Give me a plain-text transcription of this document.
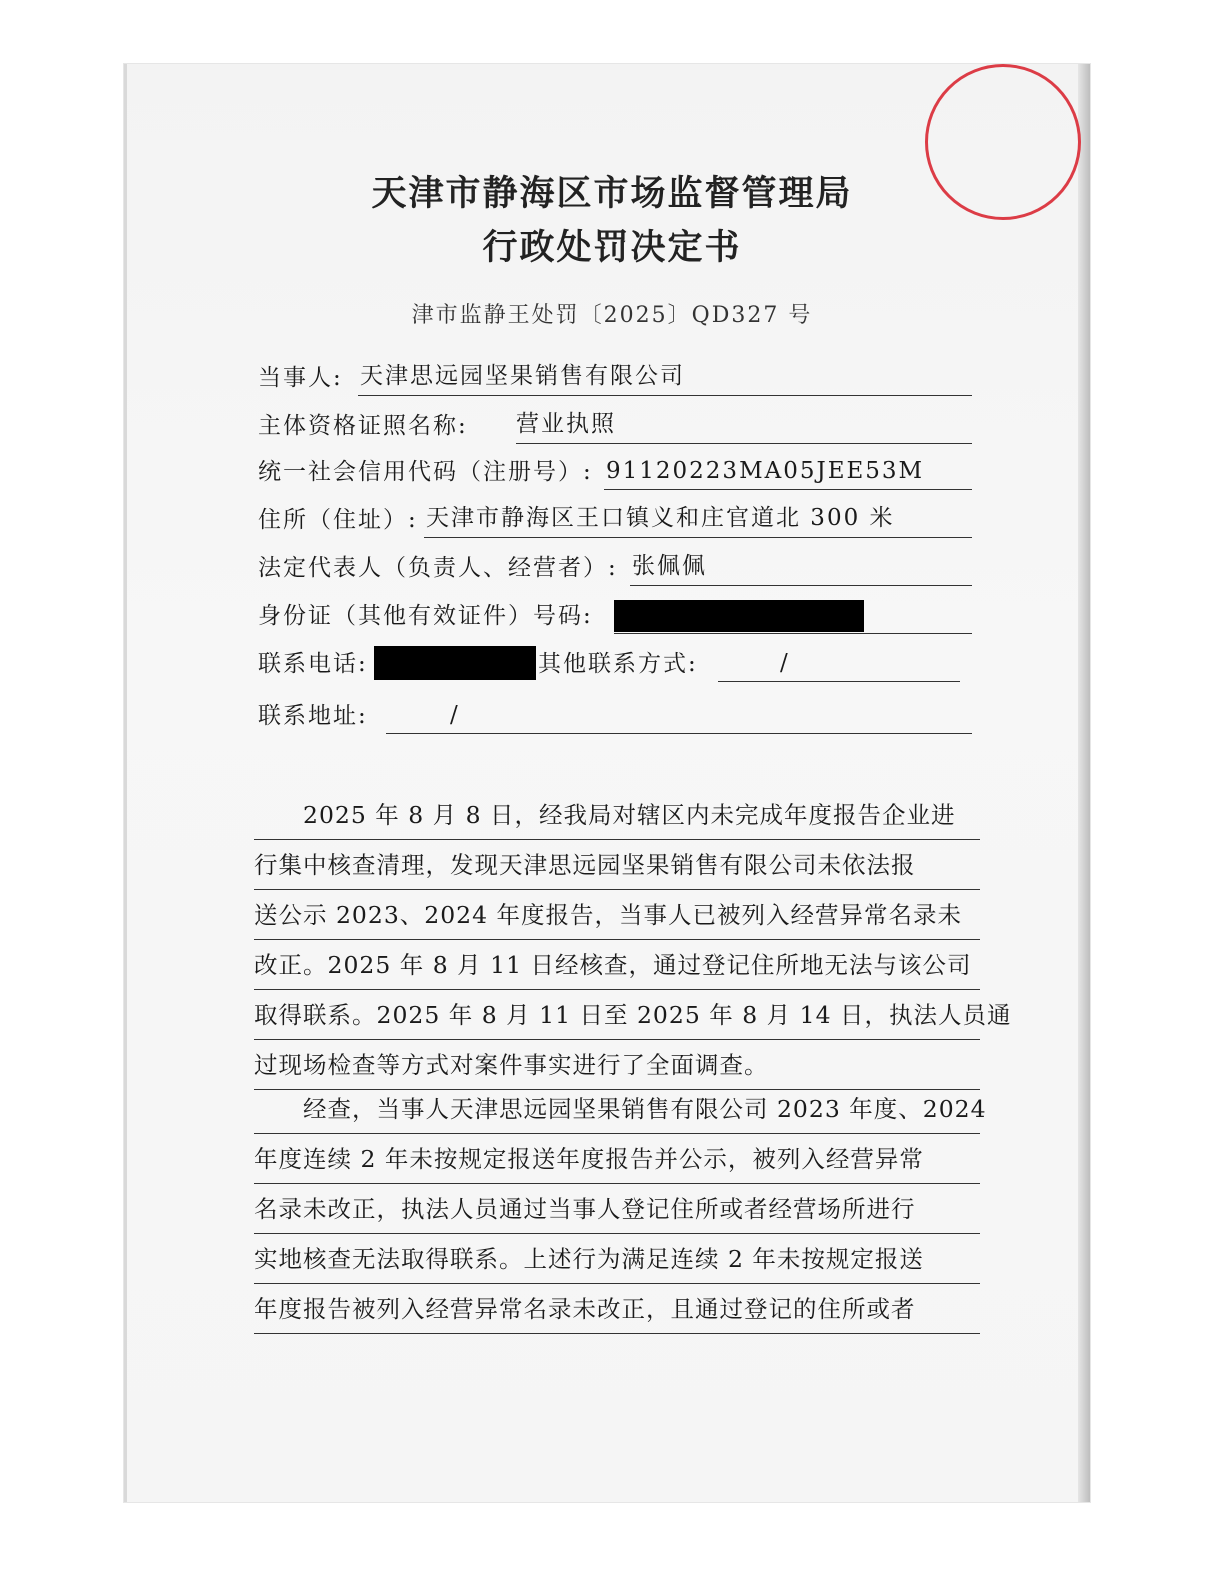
天津市静海区市场监督管理局
行政处罚决定书
津市监静王处罚〔2025〕QD327 号
当事人: 天津思远园坚果销售有限公司
主体资格证照名称: 营业执照
统一社会信用代码（注册号）: 91120223MA05JEE53M
住所（住址）: 天津市静海区王口镇义和庄官道北 300 米
法定代表人（负责人、经营者）: 张佩佩
身份证（其他有效证件）号码:
联系电话:	其他联系方式:	/
联系地址:	/
　　2025 年 8 月 8 日，经我局对辖区内未完成年度报告企业进
行集中核查清理，发现天津思远园坚果销售有限公司未依法报
送公示 2023、2024 年度报告，当事人已被列入经营异常名录未
改正。2025 年 8 月 11 日经核查，通过登记住所地无法与该公司
取得联系。2025 年 8 月 11 日至 2025 年 8 月 14 日，执法人员通
过现场检查等方式对案件事实进行了全面调查。
　　经查，当事人天津思远园坚果销售有限公司 2023 年度、2024
年度连续 2 年未按规定报送年度报告并公示，被列入经营异常
名录未改正，执法人员通过当事人登记住所或者经营场所进行
实地核查无法取得联系。上述行为满足连续 2 年未按规定报送
年度报告被列入经营异常名录未改正，且通过登记的住所或者
